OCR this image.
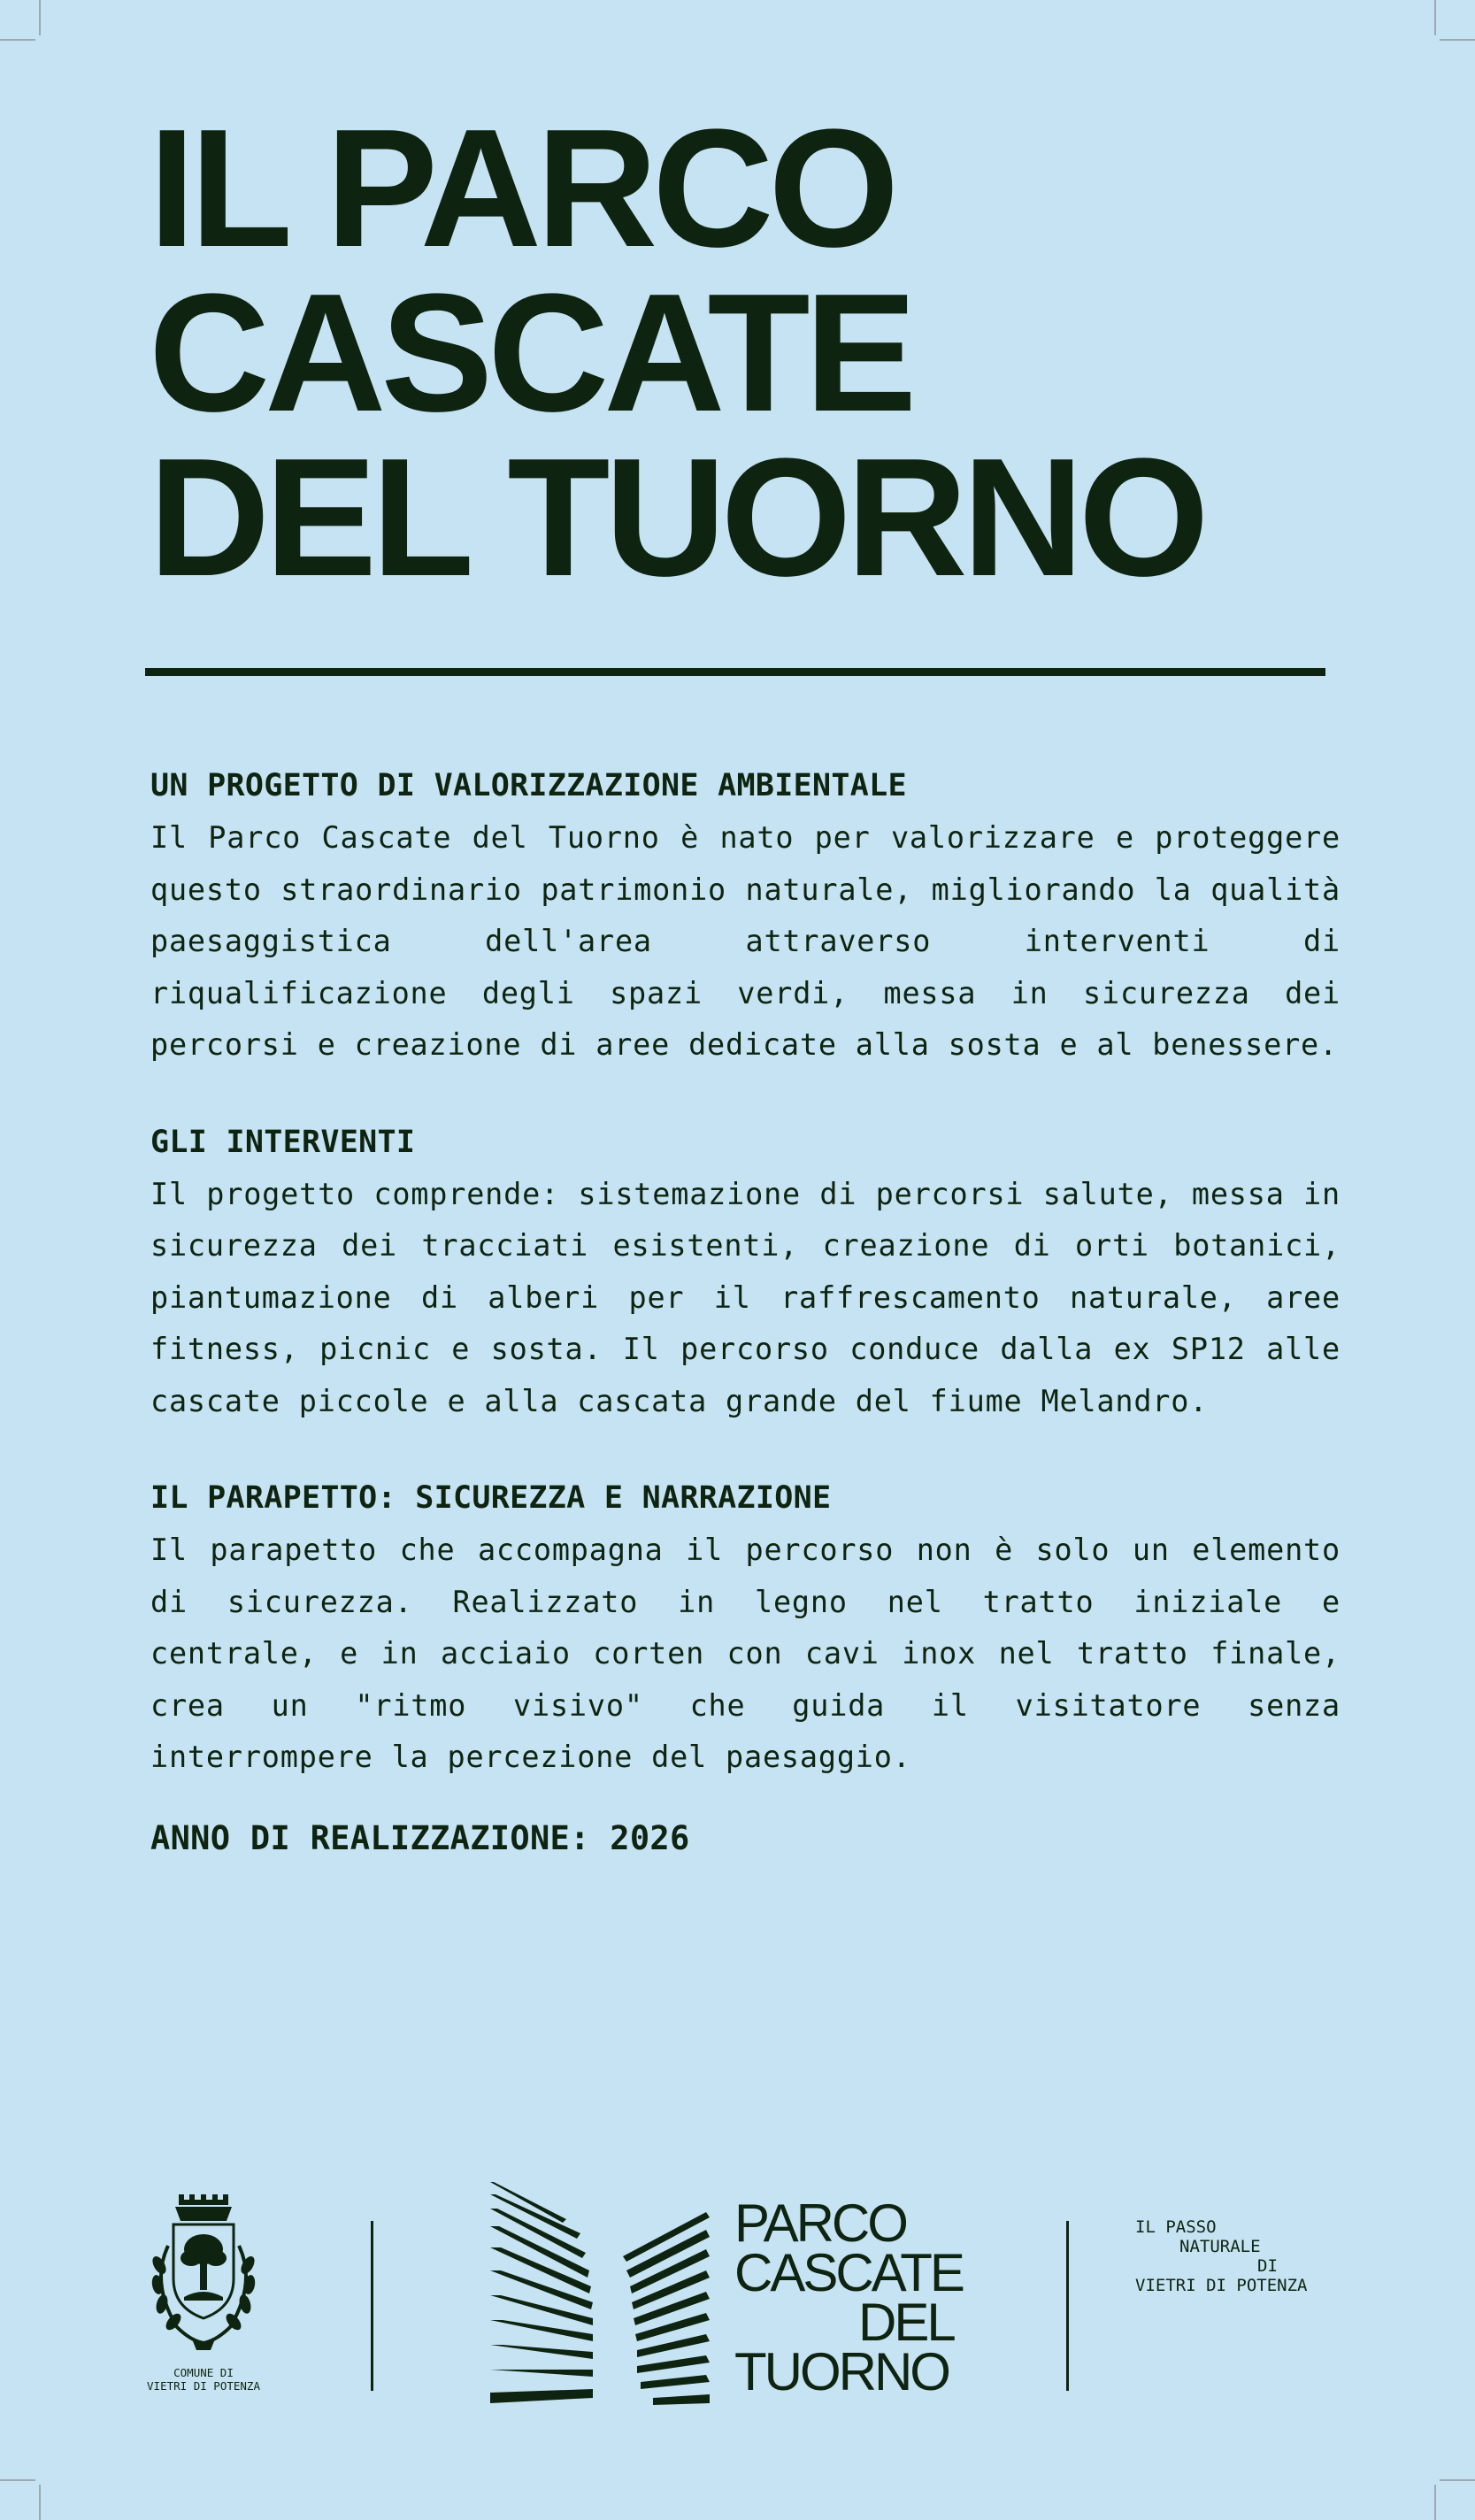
IL PARCO
CASCATE
DEL TUORNO
UN PROGETTO DI VALORIZZAZIONE AMBIENTALE

Il Parco Cascate del Tuorno è nato per valorizzare e proteggere questo straordinario patrimonio naturale, migliorando la qualità paesaggistica dell'area attraverso interventi di riqualificazione degli spazi verdi, messa in sicurezza dei percorsi e creazione di aree dedicate alla sosta e al benessere.

GLI INTERVENTI

Il progetto comprende: sistemazione di percorsi salute, messa in sicurezza dei tracciati esistenti, creazione di orti botanici, piantumazione di alberi per il raffrescamento naturale, aree fitness, picnic e sosta. Il percorso conduce dalla ex SP12 alle cascate piccole e alla cascata grande del fiume Melandro.

IL PARAPETTO: SICUREZZA E NARRAZIONE

Il parapetto che accompagna il percorso non è solo un elemento di sicurezza. Realizzato in legno nel tratto iniziale e centrale, e in acciaio corten con cavi inox nel tratto finale, crea un "ritmo visivo" che guida il visitatore senza interrompere la percezione del paesaggio.

ANNO DI REALIZZAZIONE: 2026
COMUNE DI
VIETRI DI POTENZA
PARCO
CASCATE
DEL
TUORNO
IL PASSO
NATURALE
DI
VIETRI DI POTENZA
